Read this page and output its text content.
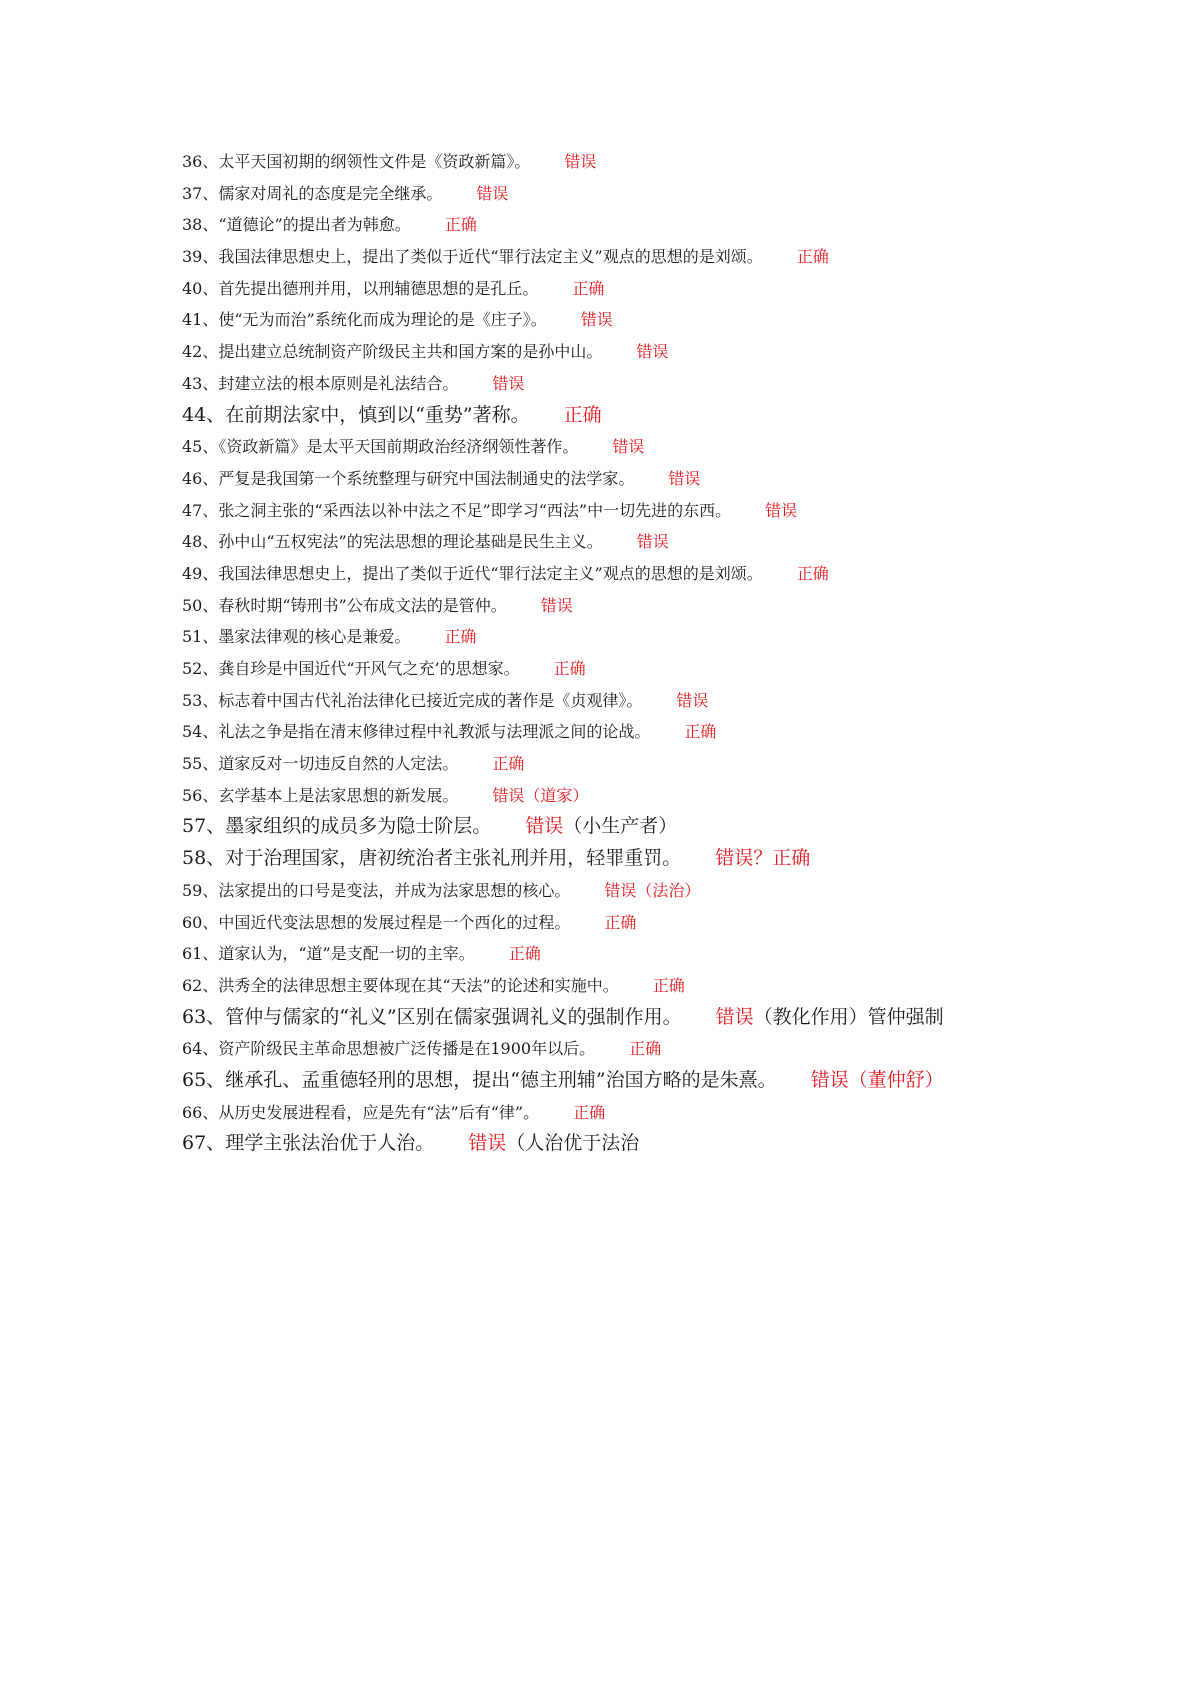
36、太平天国初期的纲领性文件是《资政新篇》。 错误
37、儒家对周礼的态度是完全继承。 错误
38、“道德论”的提出者为韩愈。 正确
39、我国法律思想史上，提出了类似于近代“罪行法定主义”观点的思想的是刘颂。 正确
40、首先提出德刑并用，以刑辅德思想的是孔丘。 正确
41、使“无为而治”系统化而成为理论的是《庄子》。 错误
42、提出建立总统制资产阶级民主共和国方案的是孙中山。 错误
43、封建立法的根本原则是礼法结合。 错误
44、在前期法家中，慎到以“重势”著称。 正确
45、《资政新篇》是太平天国前期政治经济纲领性著作。 错误
46、严复是我国第一个系统整理与研究中国法制通史的法学家。 错误
47、张之洞主张的“采西法以补中法之不足”即学习“西法”中一切先进的东西。 错误
48、孙中山“五权宪法”的宪法思想的理论基础是民生主义。 错误
49、我国法律思想史上，提出了类似于近代“罪行法定主义”观点的思想的是刘颂。 正确
50、春秋时期“铸刑书”公布成文法的是管仲。 错误
51、墨家法律观的核心是兼爱。 正确
52、龚自珍是中国近代“开风气之充’的思想家。 正确
53、标志着中国古代礼治法律化已接近完成的著作是《贞观律》。 错误
54、礼法之争是指在清末修律过程中礼教派与法理派之间的论战。 正确
55、道家反对一切违反自然的人定法。 正确
56、玄学基本上是法家思想的新发展。 错误（道家）
57、墨家组织的成员多为隐士阶层。 错误（小生产者）
58、对于治理国家，唐初统治者主张礼刑并用，轻罪重罚。 错误？正确
59、法家提出的口号是变法，并成为法家思想的核心。 错误（法治）
60、中国近代变法思想的发展过程是一个西化的过程。 正确
61、道家认为，“道”是支配一切的主宰。 正确
62、洪秀全的法律思想主要体现在其“天法”的论述和实施中。 正确
63、管仲与儒家的“礼义”区别在儒家强调礼义的强制作用。 错误（教化作用）管仲强制
64、资产阶级民主革命思想被广泛传播是在1900年以后。 正确
65、继承孔、孟重德轻刑的思想，提出“德主刑辅”治国方略的是朱熹。 错误（董仲舒）
66、从历史发展进程看，应是先有“法”后有“律”。 正确
67、理学主张法治优于人治。 错误（人治优于法治
